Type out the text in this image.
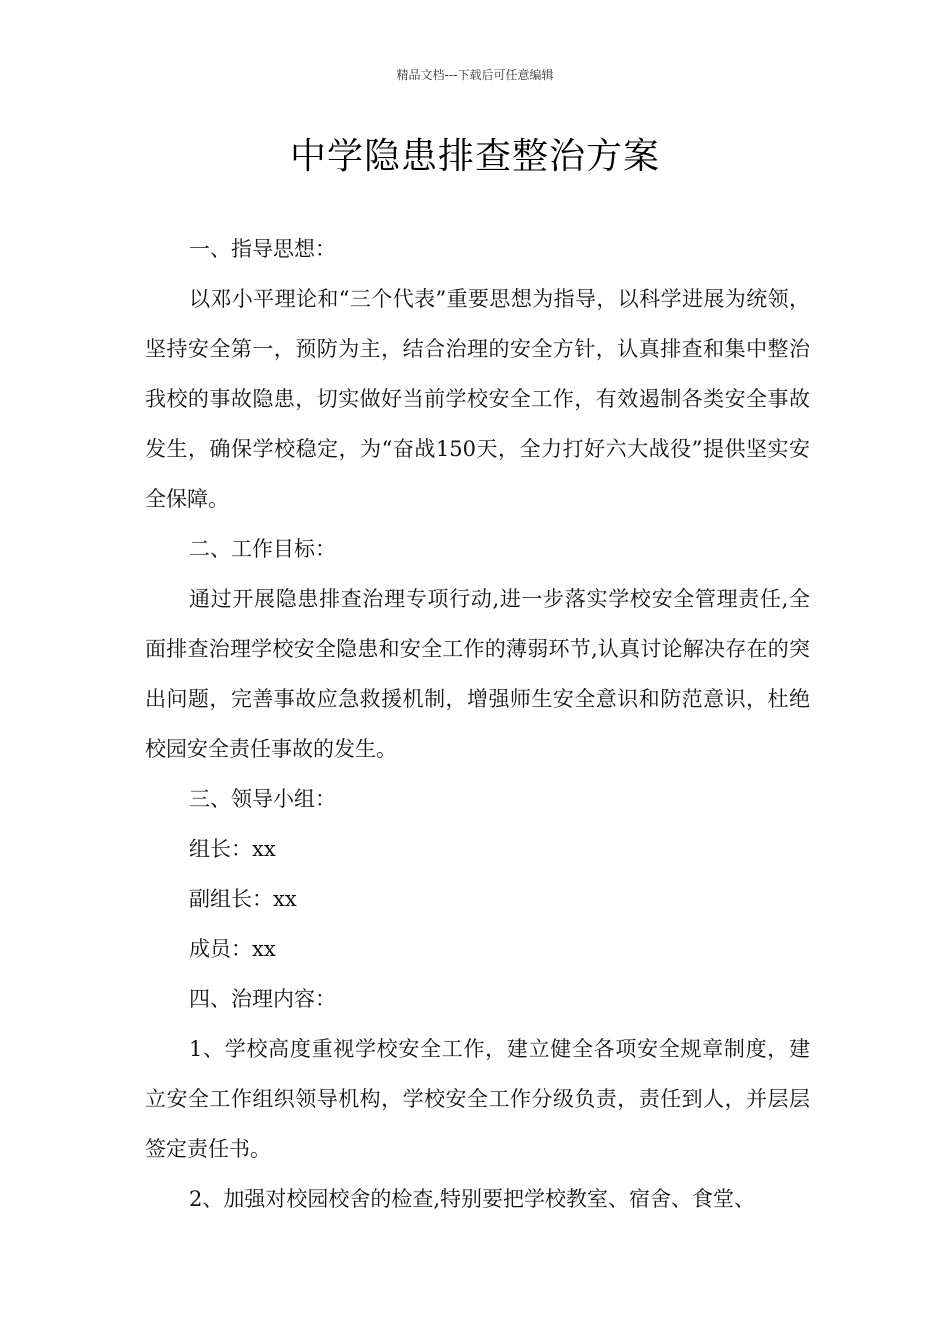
精品文档---下载后可任意编辑
中学隐患排查整治方案

一、指导思想：

以邓小平理论和“三个代表”重要思想为指导，以科学进展为统领，坚持安全第一，预防为主，结合治理的安全方针，认真排查和集中整治我校的事故隐患，切实做好当前学校安全工作，有效遏制各类安全事故发生，确保学校稳定，为“奋战150天，全力打好六大战役”提供坚实安全保障。

二、工作目标：

通过开展隐患排查治理专项行动,进一步落实学校安全管理责任,全面排查治理学校安全隐患和安全工作的薄弱环节,认真讨论解决存在的突出问题，完善事故应急救援机制，增强师生安全意识和防范意识，杜绝校园安全责任事故的发生。

三、领导小组：

组长：xx

副组长：xx

成员：xx

四、治理内容：

1、学校高度重视学校安全工作，建立健全各项安全规章制度，建立安全工作组织领导机构，学校安全工作分级负责，责任到人，并层层签定责任书。

2、加强对校园校舍的检查,特别要把学校教室、宿舍、食堂、
